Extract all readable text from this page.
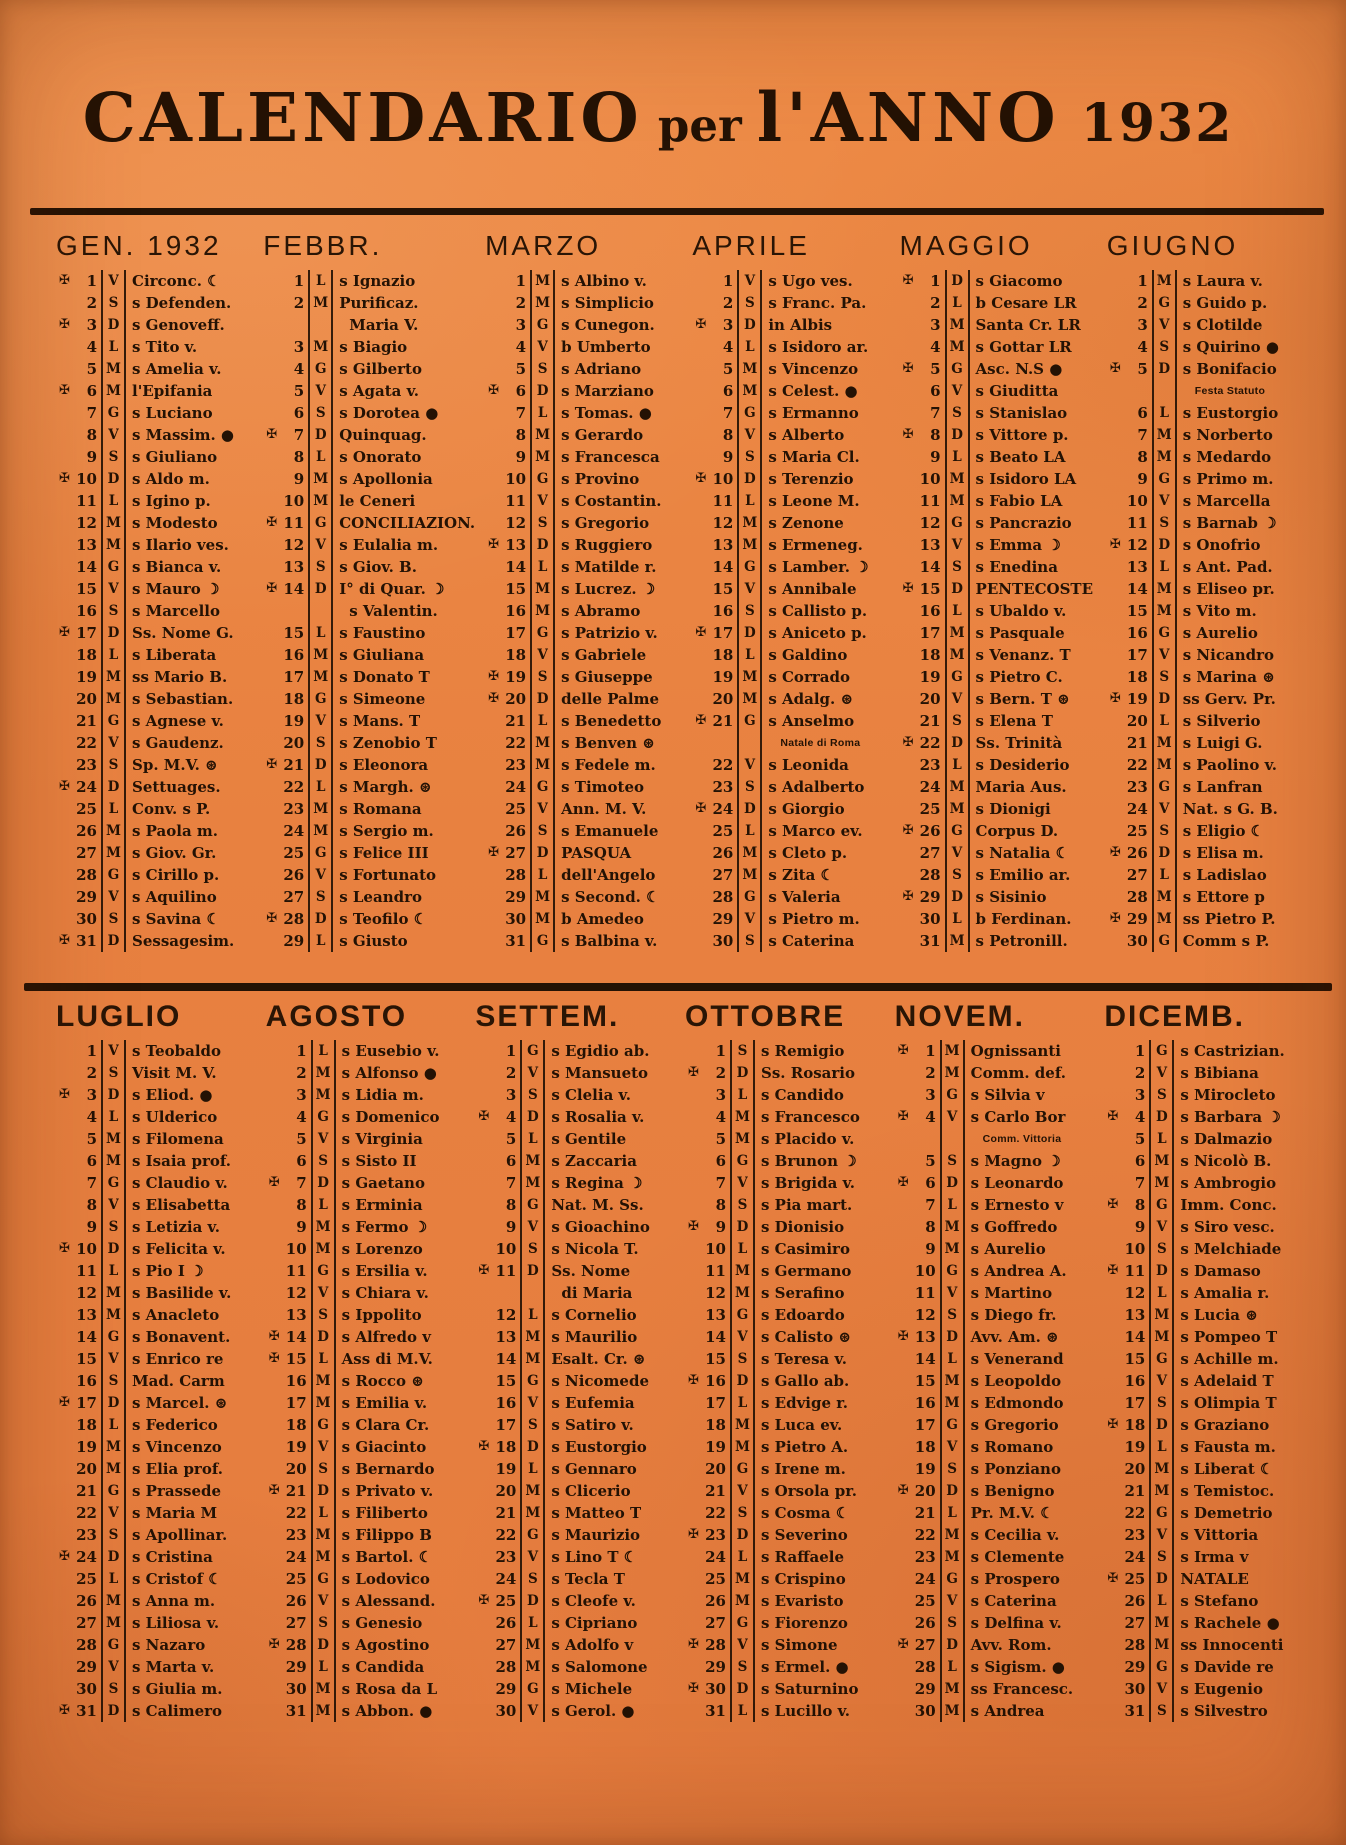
CALENDARIO per l'ANNO 1932
GEN. 1932
✠	1 V Circonc. ☾
2 S s Defenden.
✠	3 D s Genoveff.
4 L s Tito v.
5 M s Amelia v.
✠	6 M l'Epifania
7 G s Luciano
8 V s Massim. ●
9 S s Giuliano
✠ 10 D s Aldo m.
11 L s Igino p.
12 M s Modesto
13 M s Ilario ves.
14 G s Bianca v.
15 V s Mauro ☽
16 S s Marcello
✠ 17 D Ss. Nome G.
18 L s Liberata
19 M ss Mario B.
20 M s Sebastian.
21 G s Agnese v.
22 V s Gaudenz.
23 S Sp. M.V. ⊛
✠ 24 D Settuages.
25 L Conv. s P.
26 M s Paola m.
27 M s Giov. Gr.
28 G s Cirillo p.
29 V s Aquilino
30 S s Savina ☾
✠ 31 D Sessagesim.
FEBBR.
1 L s Ignazio
2 M Purificaz.
Maria V.
3 M s Biagio
4 G s Gilberto
5 V s Agata v.
6 S s Dorotea ●
✠	7 D Quinquag.
8 L s Onorato
9 M s Apollonia
10 M le Ceneri
✠ 11 G CONCILIAZION.
12 V s Eulalia m.
13 S s Giov. B.
✠ 14 D I° di Quar. ☽
s Valentin.
15 L s Faustino
16 M s Giuliana
17 M s Donato T
18 G s Simeone
19 V s Mans. T
20 S s Zenobio T
✠ 21 D s Eleonora
22 L s Margh. ⊛
23 M s Romana
24 M s Sergio m.
25 G s Felice III
26 V s Fortunato
27 S s Leandro
✠ 28 D s Teofilo ☾
29 L s Giusto
MARZO
1 M s Albino v.
2 M s Simplicio
3 G s Cunegon.
4 V b Umberto
5 S s Adriano
✠	6 D s Marziano
7 L s Tomas. ●
8 M s Gerardo
9 M s Francesca
10 G s Provino
11 V s Costantin.
12 S s Gregorio
✠ 13 D s Ruggiero
14 L s Matilde r.
15 M s Lucrez. ☽
16 M s Abramo
17 G s Patrizio v.
18 V s Gabriele
✠ 19 S s Giuseppe
✠ 20 D delle Palme
21 L s Benedetto
22 M s Benven ⊛
23 M s Fedele m.
24 G s Timoteo
25 V Ann. M. V.
26 S s Emanuele
✠ 27 D PASQUA
28 L dell'Angelo
29 M s Second. ☾
30 M b Amedeo
31 G s Balbina v.
APRILE
1 V s Ugo ves.
2 S s Franc. Pa.
✠	3 D in Albis
4 L s Isidoro ar.
5 M s Vincenzo
6 M s Celest. ●
7 G s Ermanno
8 V s Alberto
9 S s Maria Cl.
✠ 10 D s Terenzio
11 L s Leone M.
12 M s Zenone
13 M s Ermeneg.
14 G s Lamber. ☽
15 V s Annibale
16 S s Callisto p.
✠ 17 D s Aniceto p.
18 L s Galdino
19 M s Corrado
20 M s Adalg. ⊛
✠ 21 G s Anselmo
Natale di Roma
22 V s Leonida
23 S s Adalberto
✠ 24 D s Giorgio
25 L s Marco ev.
26 M s Cleto p.
27 M s Zita ☾
28 G s Valeria
29 V s Pietro m.
30 S s Caterina
MAGGIO
✠	1 D s Giacomo
2 L b Cesare LR
3 M Santa Cr. LR
4 M s Gottar LR
✠	5 G Asc. N.S ●
6 V s Giuditta
7 S s Stanislao
✠	8 D s Vittore p.
9 L s Beato LA
10 M s Isidoro LA
11 M s Fabio LA
12 G s Pancrazio
13 V s Emma ☽
14 S s Enedina
✠ 15 D PENTECOSTE
16 L s Ubaldo v.
17 M s Pasquale
18 M s Venanz. T
19 G s Pietro C.
20 V s Bern. T ⊛
21 S s Elena T
✠ 22 D Ss. Trinità
23 L s Desiderio
24 M Maria Aus.
25 M s Dionigi
✠ 26 G Corpus D.
27 V s Natalia ☾
28 S s Emilio ar.
✠ 29 D s Sisinio
30 L b Ferdinan.
31 M s Petronill.
GIUGNO
1 M s Laura v.
2 G s Guido p.
3 V s Clotilde
4 S s Quirino ●
✠	5 D s Bonifacio
Festa Statuto
6 L s Eustorgio
7 M s Norberto
8 M s Medardo
9 G s Primo m.
10 V s Marcella
11 S s Barnab ☽
✠ 12 D s Onofrio
13 L s Ant. Pad.
14 M s Eliseo pr.
15 M s Vito m.
16 G s Aurelio
17 V s Nicandro
18 S s Marina ⊛
✠ 19 D ss Gerv. Pr.
20 L s Silverio
21 M s Luigi G.
22 M s Paolino v.
23 G s Lanfran
24 V Nat. s G. B.
25 S s Eligio ☾
✠ 26 D s Elisa m.
27 L s Ladislao
28 M s Ettore p
✠ 29 M ss Pietro P.
30 G Comm s P.
LUGLIO
1 V s Teobaldo
2 S Visit M. V.
✠	3 D s Eliod. ●
4 L s Ulderico
5 M s Filomena
6 M s Isaia prof.
7 G s Claudio v.
8 V s Elisabetta
9 S s Letizia v.
✠ 10 D s Felicita v.
11 L s Pio I ☽
12 M s Basilide v.
13 M s Anacleto
14 G s Bonavent.
15 V s Enrico re
16 S Mad. Carm
✠ 17 D s Marcel. ⊛
18 L s Federico
19 M s Vincenzo
20 M s Elia prof.
21 G s Prassede
22 V s Maria M
23 S s Apollinar.
✠ 24 D s Cristina
25 L s Cristof ☾
26 M s Anna m.
27 M s Liliosa v.
28 G s Nazaro
29 V s Marta v.
30 S s Giulia m.
✠ 31 D s Calimero
AGOSTO
1 L s Eusebio v.
2 M s Alfonso ●
3 M s Lidia m.
4 G s Domenico
5 V s Virginia
6 S s Sisto II
✠	7 D s Gaetano
8 L s Erminia
9 M s Fermo ☽
10 M s Lorenzo
11 G s Ersilia v.
12 V s Chiara v.
13 S s Ippolito
✠ 14 D s Alfredo v
✠ 15 L Ass di M.V.
16 M s Rocco ⊛
17 M s Emilia v.
18 G s Clara Cr.
19 V s Giacinto
20 S s Bernardo
✠ 21 D s Privato v.
22 L s Filiberto
23 M s Filippo B
24 M s Bartol. ☾
25 G s Lodovico
26 V s Alessand.
27 S s Genesio
✠ 28 D s Agostino
29 L s Candida
30 M s Rosa da L
31 M s Abbon. ●
SETTEM.
1 G s Egidio ab.
2 V s Mansueto
3 S s Clelia v.
✠	4 D s Rosalia v.
5 L s Gentile
6 M s Zaccaria
7 M s Regina ☽
8 G Nat. M. Ss.
9 V s Gioachino
10 S s Nicola T.
✠ 11 D Ss. Nome
di Maria
12 L s Cornelio
13 M s Maurilio
14 M Esalt. Cr. ⊛
15 G s Nicomede
16 V s Eufemia
17 S s Satiro v.
✠ 18 D s Eustorgio
19 L s Gennaro
20 M s Clicerio
21 M s Matteo T
22 G s Maurizio
23 V s Lino T ☾
24 S s Tecla T
✠ 25 D s Cleofe v.
26 L s Cipriano
27 M s Adolfo v
28 M s Salomone
29 G s Michele
30 V s Gerol. ●
OTTOBRE
1 S s Remigio
✠	2 D Ss. Rosario
3 L s Candido
4 M s Francesco
5 M s Placido v.
6 G s Brunon ☽
7 V s Brigida v.
8 S s Pia mart.
✠	9 D s Dionisio
10 L s Casimiro
11 M s Germano
12 M s Serafino
13 G s Edoardo
14 V s Calisto ⊛
15 S s Teresa v.
✠ 16 D s Gallo ab.
17 L s Edvige r.
18 M s Luca ev.
19 M s Pietro A.
20 G s Irene m.
21 V s Orsola pr.
22 S s Cosma ☾
✠ 23 D s Severino
24 L s Raffaele
25 M s Crispino
26 M s Evaristo
27 G s Fiorenzo
✠ 28 V s Simone
29 S s Ermel. ●
✠ 30 D s Saturnino
31 L s Lucillo v.
NOVEM.
✠	1 M Ognissanti
2 M Comm. def.
3 G s Silvia v
✠	4 V s Carlo Bor
Comm. Vittoria
5 S s Magno ☽
✠	6 D s Leonardo
7 L s Ernesto v
8 M s Goffredo
9 M s Aurelio
10 G s Andrea A.
11 V s Martino
12 S s Diego fr.
✠ 13 D Avv. Am. ⊛
14 L s Venerand
15 M s Leopoldo
16 M s Edmondo
17 G s Gregorio
18 V s Romano
19 S s Ponziano
✠ 20 D s Benigno
21 L Pr. M.V. ☾
22 M s Cecilia v.
23 M s Clemente
24 G s Prospero
25 V s Caterina
26 S s Delfina v.
✠ 27 D Avv. Rom.
28 L s Sigism. ●
29 M ss Francesc.
30 M s Andrea
DICEMB.
1 G s Castrizian.
2 V s Bibiana
3 S s Mirocleto
✠	4 D s Barbara ☽
5 L s Dalmazio
6 M s Nicolò B.
7 M s Ambrogio
✠	8 G Imm. Conc.
9 V s Siro vesc.
10 S s Melchiade
✠ 11 D s Damaso
12 L s Amalia r.
13 M s Lucia ⊛
14 M s Pompeo T
15 G s Achille m.
16 V s Adelaid T
17 S s Olimpia T
✠ 18 D s Graziano
19 L s Fausta m.
20 M s Liberat ☾
21 M s Temistoc.
22 G s Demetrio
23 V s Vittoria
24 S s Irma v
✠ 25 D NATALE
26 L s Stefano
27 M s Rachele ●
28 M ss Innocenti
29 G s Davide re
30 V s Eugenio
31 S s Silvestro
